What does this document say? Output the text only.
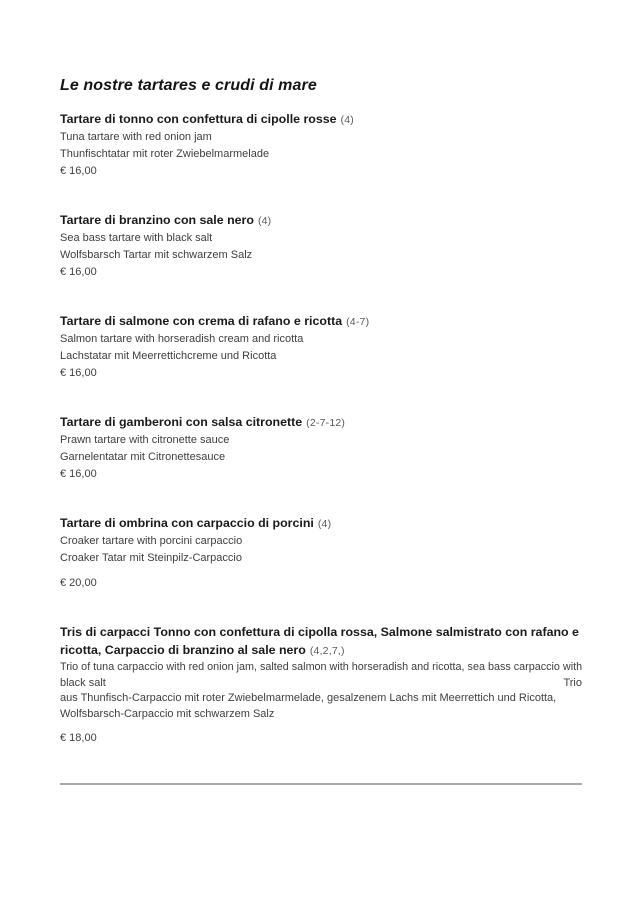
Le nostre tartares e crudi di mare
Tartare di tonno con confettura di cipolle rosse (4)
Tuna tartare with red onion jam
Thunfischtatar mit roter Zwiebelmarmelade
€ 16,00
Tartare di branzino con sale nero (4)
Sea bass tartare with black salt
Wolfsbarsch Tartar mit schwarzem Salz
€ 16,00
Tartare di salmone con crema di rafano e ricotta (4-7)
Salmon tartare with horseradish cream and ricotta
Lachstatar mit Meerrettichcreme und Ricotta
€ 16,00
Tartare di gamberoni con salsa citronette (2-7-12)
Prawn tartare with citronette sauce
Garnelentatar mit Citronettesauce
€ 16,00
Tartare di ombrina con carpaccio di porcini (4)
Croaker tartare with porcini carpaccio
Croaker Tatar mit Steinpilz-Carpaccio
€ 20,00
Tris di carpacci Tonno con confettura di cipolla rossa, Salmone salmistrato con rafano e ricotta, Carpaccio di branzino al sale nero (4,2,7,)
Trio of tuna carpaccio with red onion jam, salted salmon with horseradish and ricotta, sea bass carpaccio with
black salt	Trio
aus Thunfisch-Carpaccio mit roter Zwiebelmarmelade, gesalzenem Lachs mit Meerrettich und Ricotta,
Wolfsbarsch-Carpaccio mit schwarzem Salz
€ 18,00
